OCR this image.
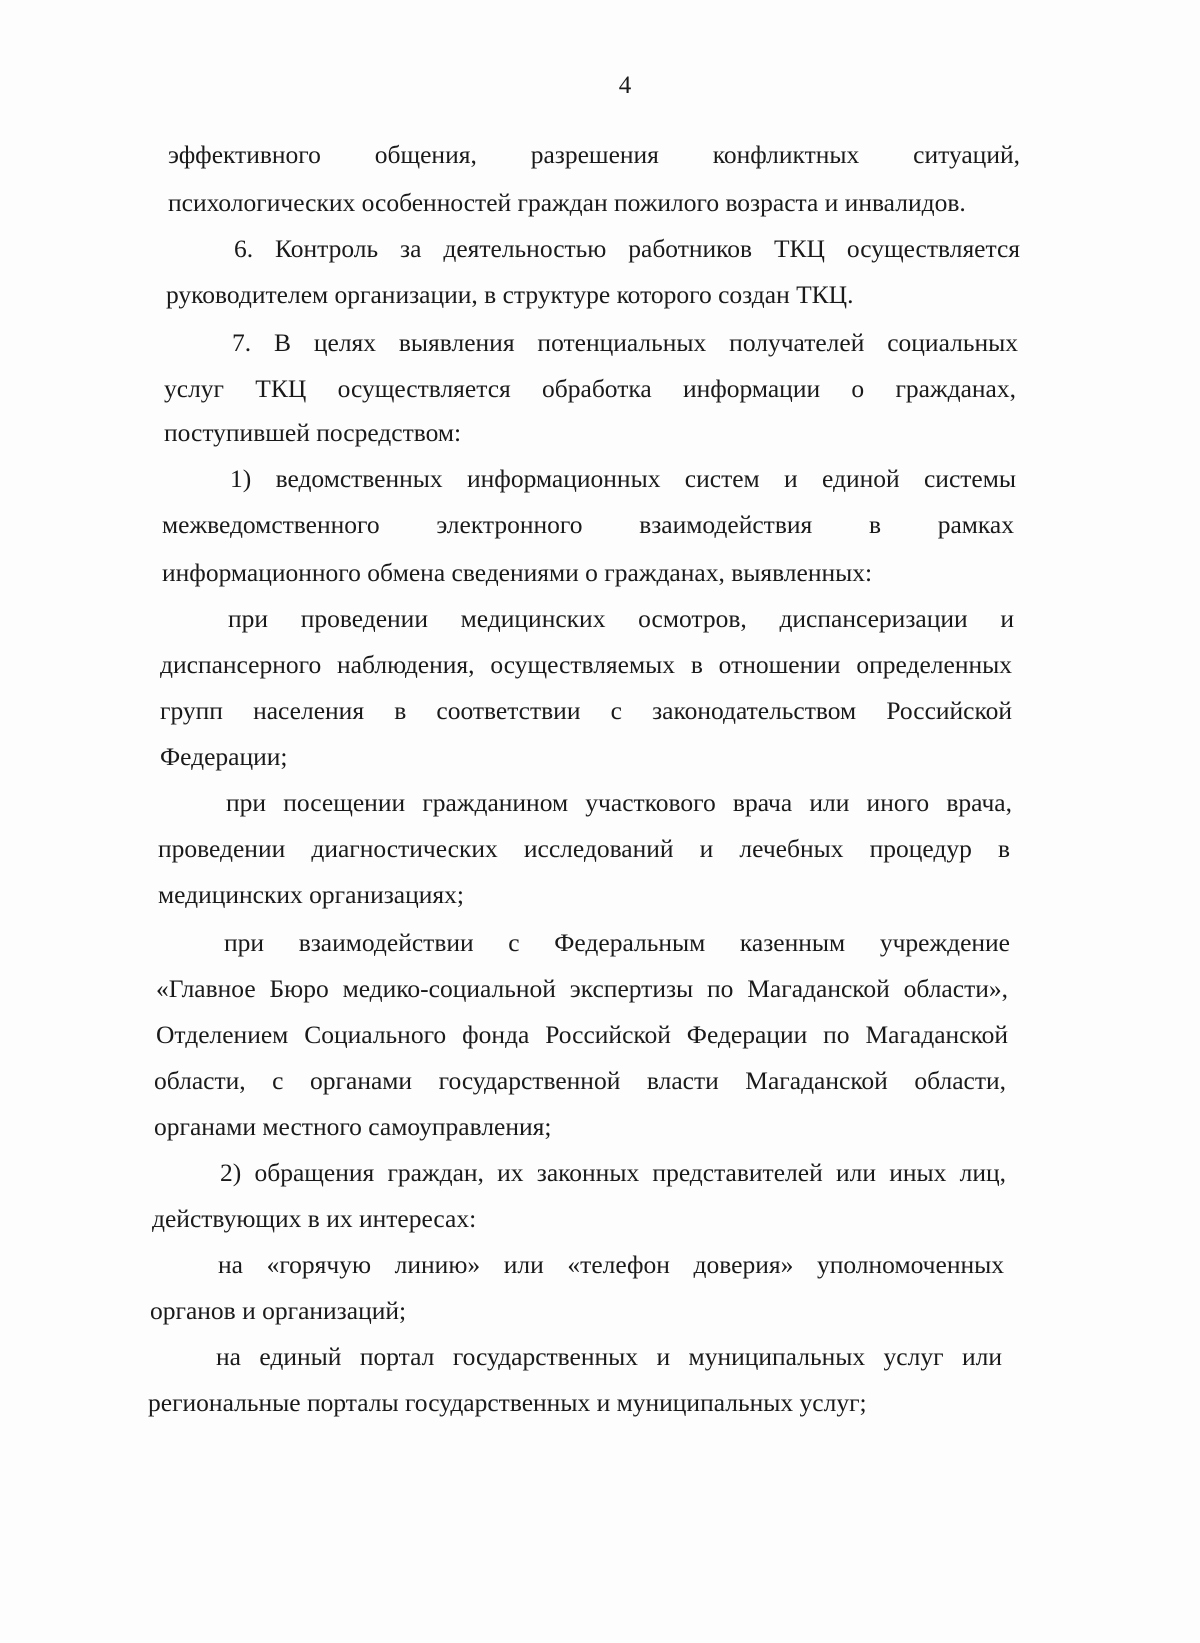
4
эффективного общения, разрешения конфликтных ситуаций,
психологических особенностей граждан пожилого возраста и инвалидов.
6. Контроль за деятельностью работников ТКЦ осуществляется
руководителем организации, в структуре которого создан ТКЦ.
7. В целях выявления потенциальных получателей социальных
услуг ТКЦ осуществляется обработка информации о гражданах,
поступившей посредством:
1) ведомственных информационных систем и единой системы
межведомственного электронного взаимодействия в рамках
информационного обмена сведениями о гражданах, выявленных:
при проведении медицинских осмотров, диспансеризации и
диспансерного наблюдения, осуществляемых в отношении определенных
групп населения в соответствии с законодательством Российской
Федерации;
при посещении гражданином участкового врача или иного врача,
проведении диагностических исследований и лечебных процедур в
медицинских организациях;
при взаимодействии с Федеральным казенным учреждение
«Главное Бюро медико-социальной экспертизы по Магаданской области»,
Отделением Социального фонда Российской Федерации по Магаданской
области, с органами государственной власти Магаданской области,
органами местного самоуправления;
2) обращения граждан, их законных представителей или иных лиц,
действующих в их интересах:
на «горячую линию» или «телефон доверия» уполномоченных
органов и организаций;
на единый портал государственных и муниципальных услуг или
региональные порталы государственных и муниципальных услуг;
